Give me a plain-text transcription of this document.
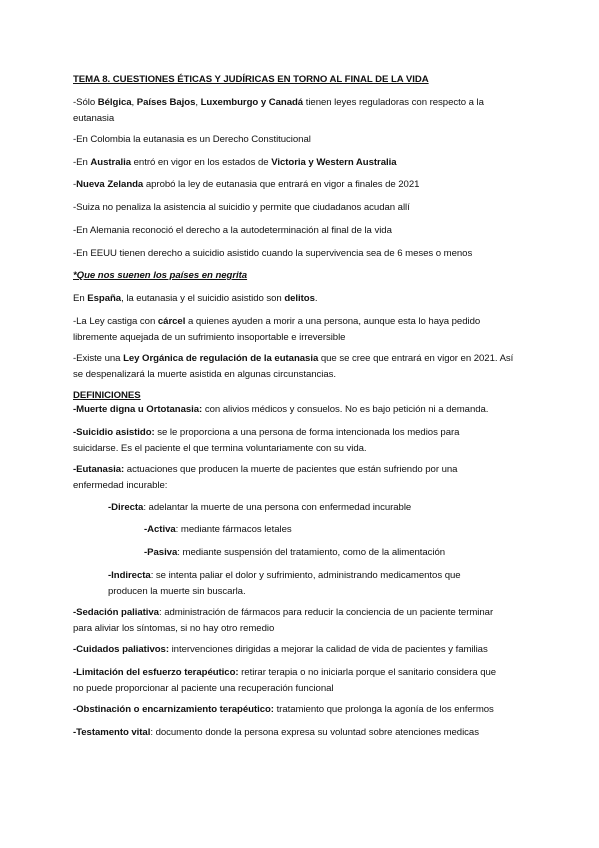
TEMA 8. CUESTIONES ÉTICAS Y JUDÍRICAS EN TORNO AL FINAL DE LA VIDA
-Sólo Bélgica, Países Bajos, Luxemburgo y Canadá tienen leyes reguladoras con respecto a la
eutanasia
-En Colombia la eutanasia es un Derecho Constitucional
-En Australia entró en vigor en los estados de Victoria y Western Australia
-Nueva Zelanda aprobó la ley de eutanasia que entrará en vigor a finales de 2021
-Suiza no penaliza la asistencia al suicidio y permite que ciudadanos acudan allí
-En Alemania reconoció el derecho a la autodeterminación al final de la vida
-En EEUU tienen derecho a suicidio asistido cuando la supervivencia sea de 6 meses o menos
*Que nos suenen los países en negrita
En España, la eutanasia y el suicidio asistido son delitos.
-La Ley castiga con cárcel a quienes ayuden a morir a una persona, aunque esta lo haya pedido
libremente aquejada de un sufrimiento insoportable e irreversible
-Existe una Ley Orgánica de regulación de la eutanasia que se cree que entrará en vigor en 2021. Así
se despenalizará la muerte asistida en algunas circunstancias.
DEFINICIONES
-Muerte digna u Ortotanasia: con alivios médicos y consuelos. No es bajo petición ni a demanda.
-Suicidio asistido: se le proporciona a una persona de forma intencionada los medios para
suicidarse. Es el paciente el que termina voluntariamente con su vida.
-Eutanasia: actuaciones que producen la muerte de pacientes que están sufriendo por una
enfermedad incurable:
-Directa: adelantar la muerte de una persona con enfermedad incurable
-Activa: mediante fármacos letales
-Pasiva: mediante suspensión del tratamiento, como de la alimentación
-Indirecta: se intenta paliar el dolor y sufrimiento, administrando medicamentos que
producen la muerte sin buscarla.
-Sedación paliativa: administración de fármacos para reducir la conciencia de un paciente terminar
para aliviar los síntomas, si no hay otro remedio
-Cuidados paliativos: intervenciones dirigidas a mejorar la calidad de vida de pacientes y familias
-Limitación del esfuerzo terapéutico: retirar terapia o no iniciarla porque el sanitario considera que
no puede proporcionar al paciente una recuperación funcional
-Obstinación o encarnizamiento terapéutico: tratamiento que prolonga la agonía de los enfermos
-Testamento vital: documento donde la persona expresa su voluntad sobre atenciones medicas
